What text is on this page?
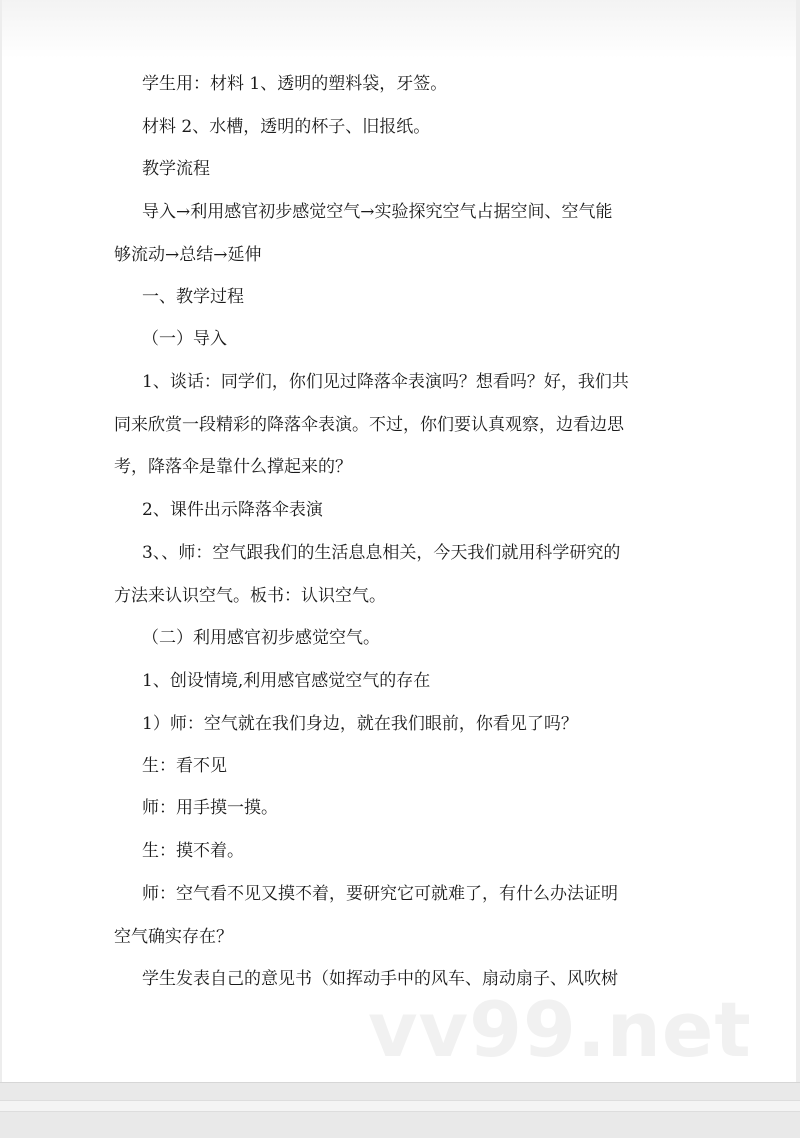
学生用：材料 1、透明的塑料袋，牙签。
材料 2、水槽，透明的杯子、旧报纸。
教学流程
导入→利用感官初步感觉空气→实验探究空气占据空间、空气能
够流动→总结→延伸
一、教学过程
（一）导入
1、谈话：同学们，你们见过降落伞表演吗？想看吗？好，我们共
同来欣赏一段精彩的降落伞表演。不过，你们要认真观察，边看边思
考，降落伞是靠什么撑起来的？
2、课件出示降落伞表演
3、、师：空气跟我们的生活息息相关，今天我们就用科学研究的
方法来认识空气。板书：认识空气。
（二）利用感官初步感觉空气。
1、创设情境,利用感官感觉空气的存在
1）师：空气就在我们身边，就在我们眼前，你看见了吗？
生：看不见
师：用手摸一摸。
生：摸不着。
师：空气看不见又摸不着，要研究它可就难了，有什么办法证明
空气确实存在？
学生发表自己的意见书（如挥动手中的风车、扇动扇子、风吹树
vv99.net
